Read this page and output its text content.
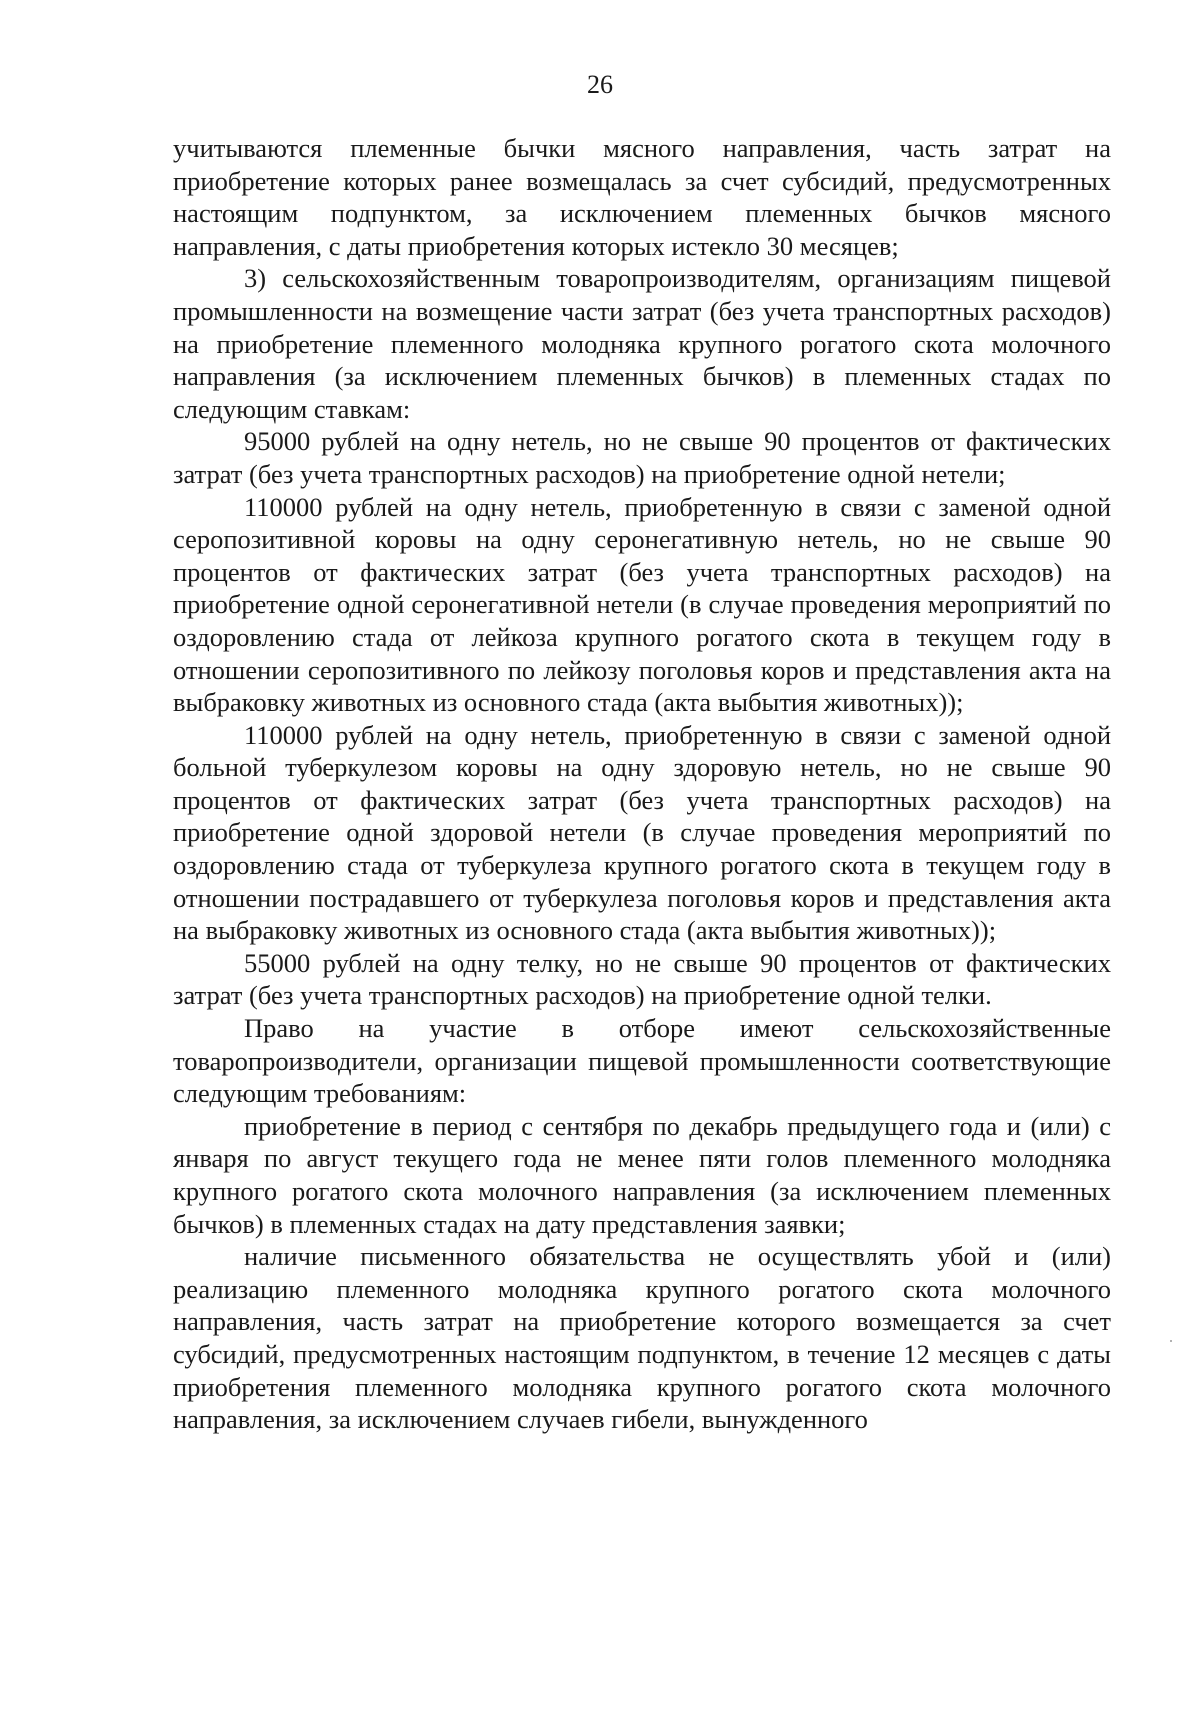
26

учитываются племенные бычки мясного направления, часть затрат на приобретение которых ранее возмещалась за счет субсидий, предусмотренных настоящим подпунктом, за исключением племенных бычков мясного направления, с даты приобретения которых истекло 30 месяцев;

3) сельскохозяйственным товаропроизводителям, организациям пищевой промышленности на возмещение части затрат (без учета транспортных расходов) на приобретение племенного молодняка крупного рогатого скота молочного направления (за исключением племенных бычков) в племенных стадах по следующим ставкам:

95000 рублей на одну нетель, но не свыше 90 процентов от фактических затрат (без учета транспортных расходов) на приобретение одной нетели;

110000 рублей на одну нетель, приобретенную в связи с заменой одной серопозитивной коровы на одну серонегативную нетель, но не свыше 90 процентов от фактических затрат (без учета транспортных расходов) на приобретение одной серонегативной нетели (в случае проведения мероприятий по оздоровлению стада от лейкоза крупного рогатого скота в текущем году в отношении серопозитивного по лейкозу поголовья коров и представления акта на выбраковку животных из основного стада (акта выбытия животных));

110000 рублей на одну нетель, приобретенную в связи с заменой одной больной туберкулезом коровы на одну здоровую нетель, но не свыше 90 процентов от фактических затрат (без учета транспортных расходов) на приобретение одной здоровой нетели (в случае проведения мероприятий по оздоровлению стада от туберкулеза крупного рогатого скота в текущем году в отношении пострадавшего от туберкулеза поголовья коров и представления акта на выбраковку животных из основного стада (акта выбытия животных));

55000 рублей на одну телку, но не свыше 90 процентов от фактических затрат (без учета транспортных расходов) на приобретение одной телки.

Право на участие в отборе имеют сельскохозяйственные товаропроизводители, организации пищевой промышленности соответствующие следующим требованиям:

приобретение в период с сентября по декабрь предыдущего года и (или) с января по август текущего года не менее пяти голов племенного молодняка крупного рогатого скота молочного направления (за исключением племенных бычков) в племенных стадах на дату представления заявки;

наличие письменного обязательства не осуществлять убой и (или) реализацию племенного молодняка крупного рогатого скота молочного направления, часть затрат на приобретение которого возмещается за счет субсидий, предусмотренных настоящим подпунктом, в течение 12 месяцев с даты приобретения племенного молодняка крупного рогатого скота молочного направления, за исключением случаев гибели, вынужденного
